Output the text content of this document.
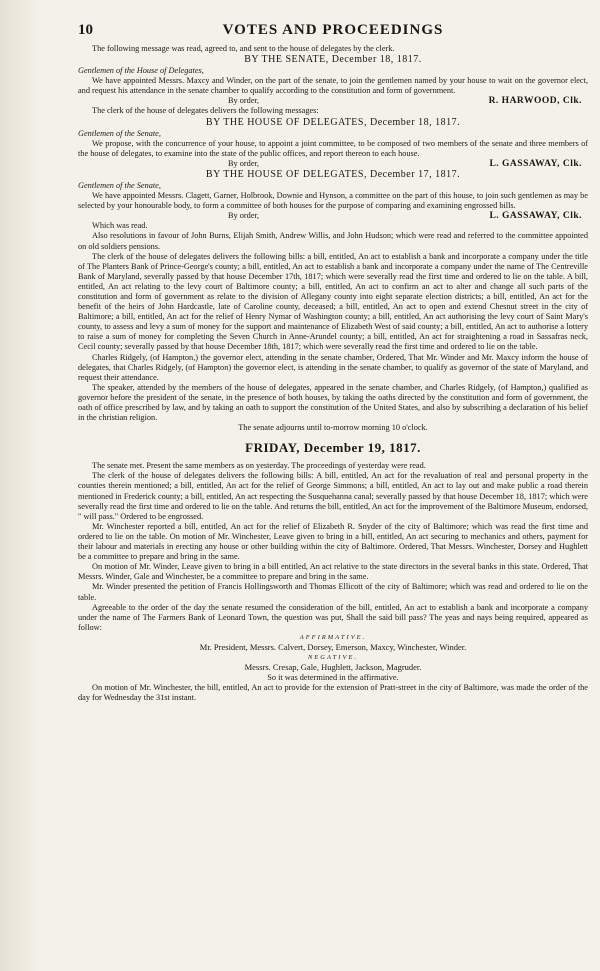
10	VOTES AND PROCEEDINGS

The following message was read, agreed to, and sent to the house of delegates by the clerk.

BY THE SENATE, December 18, 1817.

Gentlemen of the House of Delegates,

We have appointed Messrs. Maxcy and Winder, on the part of the senate, to join the gentlemen named by your house to wait on the governor elect, and request his attendance in the senate chamber to qualify according to the constitution and form of government.

By order,	R. HARWOOD, Clk.

The clerk of the house of delegates delivers the following messages:

BY THE HOUSE OF DELEGATES, December 18, 1817.

Gentlemen of the Senate,

We propose, with the concurrence of your house, to appoint a joint committee, to be composed of two members of the senate and three members of the house of delegates, to examine into the state of the public offices, and report thereon to each house.

By order,	L. GASSAWAY, Clk.

BY THE HOUSE OF DELEGATES, December 17, 1817.

Gentlemen of the Senate,

We have appointed Messrs. Clagett, Garner, Holbrook, Downie and Hynson, a committee on the part of this house, to join such gentlemen as may be selected by your honourable body, to form a committee of both houses for the purpose of comparing and examining engrossed bills.

By order,	L. GASSAWAY, Clk.

Which was read.

Also resolutions in favour of John Burns, Elijah Smith, Andrew Willis, and John Hudson; which were read and referred to the committee appointed on old soldiers pensions.

The clerk of the house of delegates delivers the following bills: a bill, entitled, An act to establish a bank and incorporate a company under the title of The Planters Bank of Prince-George's county; a bill, entitled, An act to establish a bank and incorporate a company under the name of The Centreville Bank of Maryland, severally passed by that house December 17th, 1817; which were severally read the first time and ordered to lie on the table. A bill, entitled, An act relating to the levy court of Baltimore county; a bill, entitled, An act to confirm an act to alter and change all such parts of the constitution and form of government as relate to the division of Allegany county into eight separate election districts; a bill, entitled, An act for the benefit of the heirs of John Hardcastle, late of Caroline county, deceased; a bill, entitled, An act to open and extend Chesnut street in the city of Baltimore; a bill, entitled, An act for the relief of Henry Nymar of Washington county; a bill, entitled, An act authorising the levy court of Saint Mary's county, to assess and levy a sum of money for the support and maintenance of Elizabeth West of said county; a bill, entitled, An act to authorise a lottery to raise a sum of money for completing the Seven Church in Anne-Arundel county; a bill, entitled, An act for straightening a road in Sassafras neck, Cecil county; severally passed by that house December 18th, 1817; which were severally read the first time and ordered to lie on the table.

Charles Ridgely, (of Hampton,) the governor elect, attending in the senate chamber, Ordered, That Mr. Winder and Mr. Maxcy inform the house of delegates, that Charles Ridgely, (of Hampton) the governor elect, is attending in the senate chamber, to qualify as governor of the state of Maryland, and request their attendance.

The speaker, attended by the members of the house of delegates, appeared in the senate chamber, and Charles Ridgely, (of Hampton,) qualified as governor before the president of the senate, in the presence of both houses, by taking the oaths directed by the constitution and form of government, the oath of office prescribed by law, and by taking an oath to support the constitution of the United States, and also by subscribing a declaration of his belief in the christian religion.

The senate adjourns until to-morrow morning 10 o'clock.

FRIDAY, December 19, 1817.

The senate met. Present the same members as on yesterday. The proceedings of yesterday were read.

The clerk of the house of delegates delivers the following bills: A bill, entitled, An act for the revaluation of real and personal property in the counties therein mentioned; a bill, entitled, An act for the relief of George Simmons; a bill, entitled, An act to lay out and make public a road therein mentioned in Frederick county; a bill, entitled, An act respecting the Susquehanna canal; severally passed by that house December 18, 1817; which were severally read the first time and ordered to lie on the table. And returns the bill, entitled, An act for the improvement of the Baltimore Museum, endorsed, " will pass." Ordered to be engrossed.

Mr. Winchester reported a bill, entitled, An act for the relief of Elizabeth R. Snyder of the city of Baltimore; which was read the first time and ordered to lie on the table. On motion of Mr. Winchester, Leave given to bring in a bill, entitled, An act securing to mechanics and others, payment for their labour and materials in erecting any house or other building within the city of Baltimore. Ordered, That Messrs. Winchester, Dorsey and Hughlett be a committee to prepare and bring in the same.

On motion of Mr. Winder, Leave given to bring in a bill entitled, An act relative to the state directors in the several banks in this state. Ordered, That Messrs. Winder, Gale and Winchester, be a committee to prepare and bring in the same.

Mr. Winder presented the petition of Francis Hollingsworth and Thomas Ellicott of the city of Baltimore; which was read and ordered to lie on the table.

Agreeable to the order of the day the senate resumed the consideration of the bill, entitled, An act to establish a bank and incorporate a company under the name of The Farmers Bank of Leonard Town, the question was put, Shall the said bill pass? The yeas and nays being required, appeared as follow:

AFFIRMATIVE.

Mr. President, Messrs. Calvert, Dorsey, Emerson, Maxcy, Winchester, Winder.

NEGATIVE.

Messrs. Cresap, Gale, Hughlett, Jackson, Magruder.

So it was determined in the affirmative.

On motion of Mr. Winchester, the bill, entitled, An act to provide for the extension of Pratt-street in the city of Baltimore, was made the order of the day for Wednesday the 31st instant.
